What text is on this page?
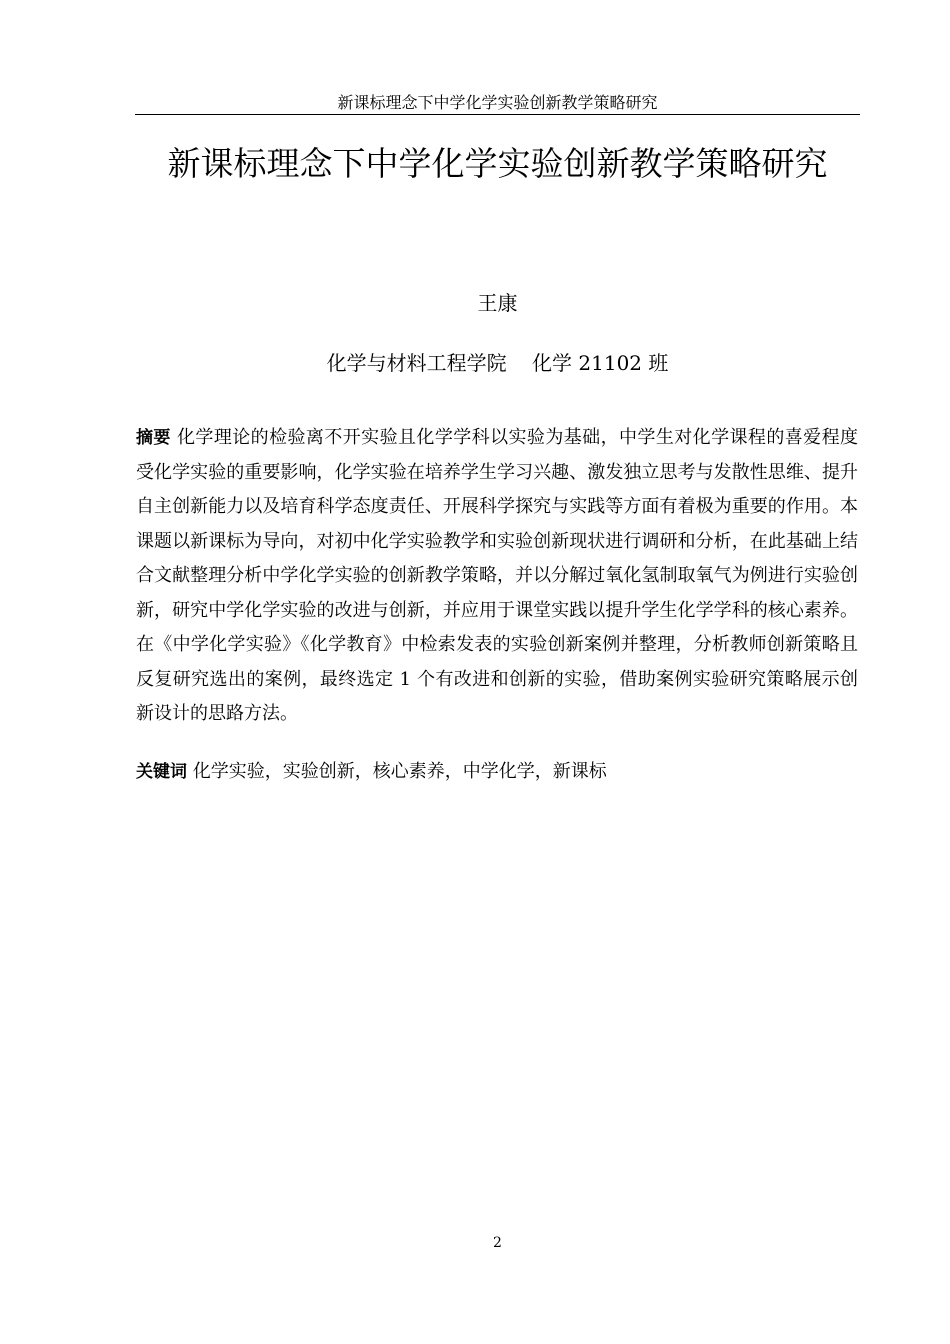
新课标理念下中学化学实验创新教学策略研究
新课标理念下中学化学实验创新教学策略研究
王康
化学与材料工程学院    化学 21102 班
摘要 化学理论的检验离不开实验且化学学科以实验为基础，中学生对化学课程的喜爱程度受化学实验的重要影响，化学实验在培养学生学习兴趣、激发独立思考与发散性思维、提升自主创新能力以及培育科学态度责任、开展科学探究与实践等方面有着极为重要的作用。本课题以新课标为导向，对初中化学实验教学和实验创新现状进行调研和分析，在此基础上结合文献整理分析中学化学实验的创新教学策略，并以分解过氧化氢制取氧气为例进行实验创新，研究中学化学实验的改进与创新，并应用于课堂实践以提升学生化学学科的核心素养。在《中学化学实验》《化学教育》中检索发表的实验创新案例并整理，分析教师创新策略且反复研究选出的案例，最终选定 1 个有改进和创新的实验，借助案例实验研究策略展示创新设计的思路方法。
关键词 化学实验，实验创新，核心素养，中学化学，新课标
2
